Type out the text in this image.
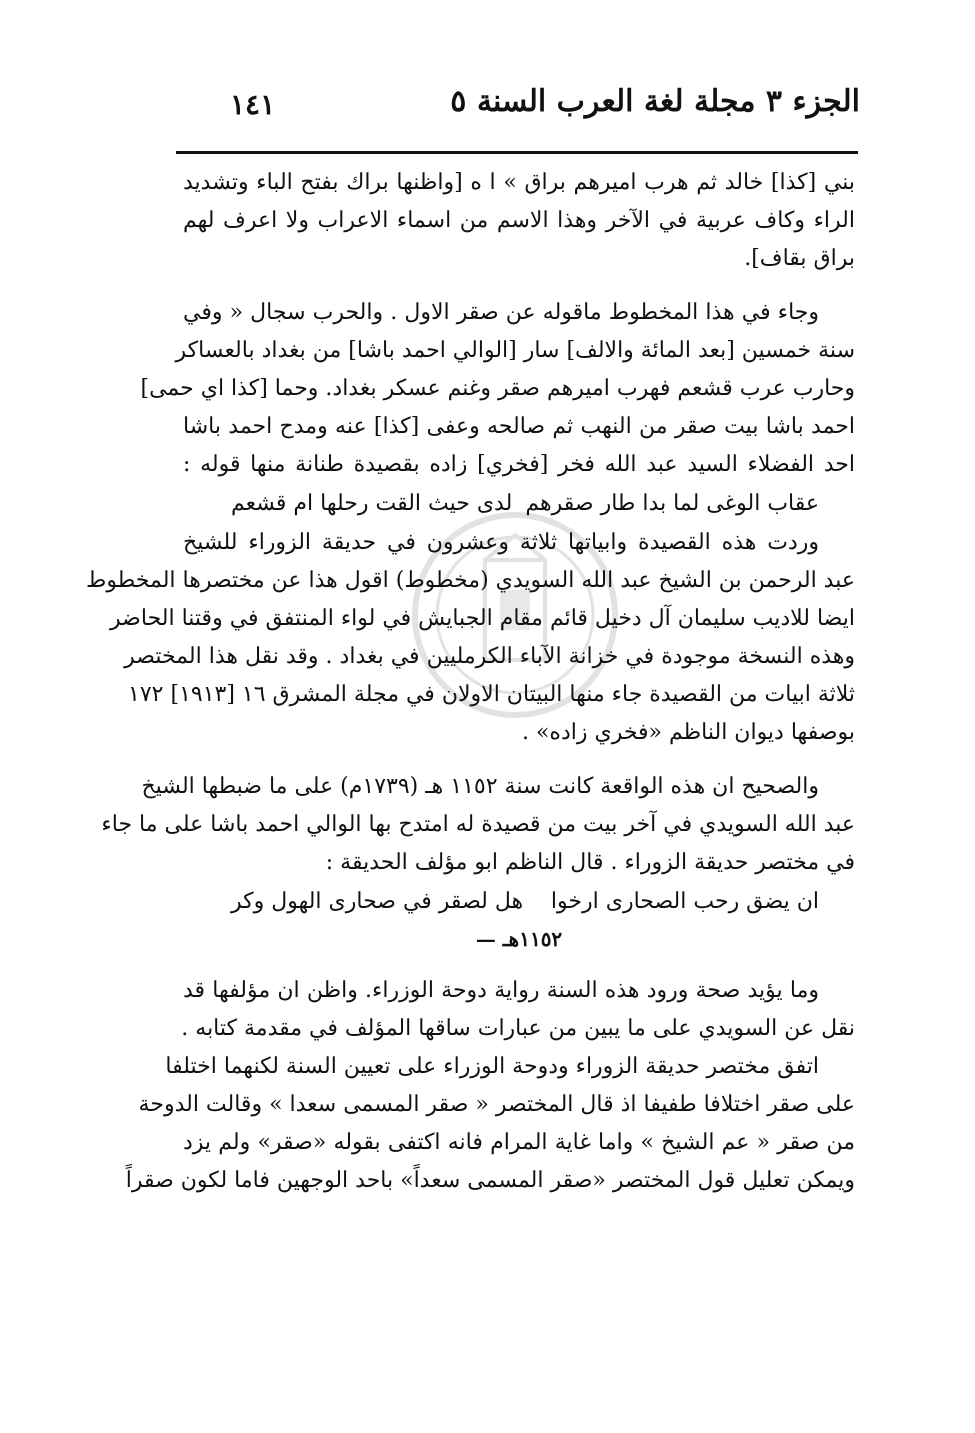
الجزء ٣ مجلة لغة العرب السنة ٥
١٤١
بني [كذا] خالد ثم هرب اميرهم براق » ا ه [واظنها براك بفتح الباء وتشديد
الراء وكاف عربية في الآخر وهذا الاسم من اسماء الاعراب ولا اعرف لهم
براق بقاف].
وجاء في هذا المخطوط ماقوله عن صقر الاول . والحرب سجال « وفي
سنة خمسين [بعد المائة والالف] سار [الوالي احمد باشا] من بغداد بالعساكر
وحارب عرب قشعم فهرب اميرهم صقر وغنم عسكر بغداد. وحما [كذا اي حمى]
احمد باشا بيت صقر من النهب ثم صالحه وعفى [كذا] عنه ومدح احمد باشا
احد الفضلاء السيد عبد الله فخر [فخري] زاده بقصيدة طنانة منها قوله :
عقاب الوغى لما بدا طار صقرهم
لدى حيث القت رحلها ام قشعم
وردت هذه القصيدة وابياتها ثلاثة وعشرون في حديقة الزوراء للشيخ
عبد الرحمن بن الشيخ عبد الله السويدي (مخطوط) اقول هذا عن مختصرها المخطوط
ايضا للاديب سليمان آل دخيل قائم مقام الجبايش في لواء المنتفق في وقتنا الحاضر
وهذه النسخة موجودة في خزانة الآباء الكرمليين في بغداد . وقد نقل هذا المختصر
ثلاثة ابيات من القصيدة جاء منها البيتان الاولان في مجلة المشرق ١٦ [١٩١٣] ١٧٢
بوصفها ديوان الناظم «فخري زاده» .
والصحيح ان هذه الواقعة كانت سنة ١١٥٢ هـ (١٧٣٩م) على ما ضبطها الشيخ
عبد الله السويدي في آخر بيت من قصيدة له امتدح بها الوالي احمد باشا على ما جاء
في مختصر حديقة الزوراء . قال الناظم ابو مؤلف الحديقة :
ان يضق رحب الصحارى ارخوا
هل لصقر في صحارى الهول وكر
١١٥٢هـ —
وما يؤيد صحة ورود هذه السنة رواية دوحة الوزراء. واظن ان مؤلفها قد
نقل عن السويدي على ما يبين من عبارات ساقها المؤلف في مقدمة كتابه .
اتفق مختصر حديقة الزوراء ودوحة الوزراء على تعيين السنة لكنهما اختلفا
على صقر اختلافا طفيفا اذ قال المختصر « صقر المسمى سعدا » وقالت الدوحة
من صقر « عم الشيخ » واما غاية المرام فانه اكتفى بقوله «صقر» ولم يزد
ويمكن تعليل قول المختصر «صقر المسمى سعداً» باحد الوجهين فاما لكون صقراً
